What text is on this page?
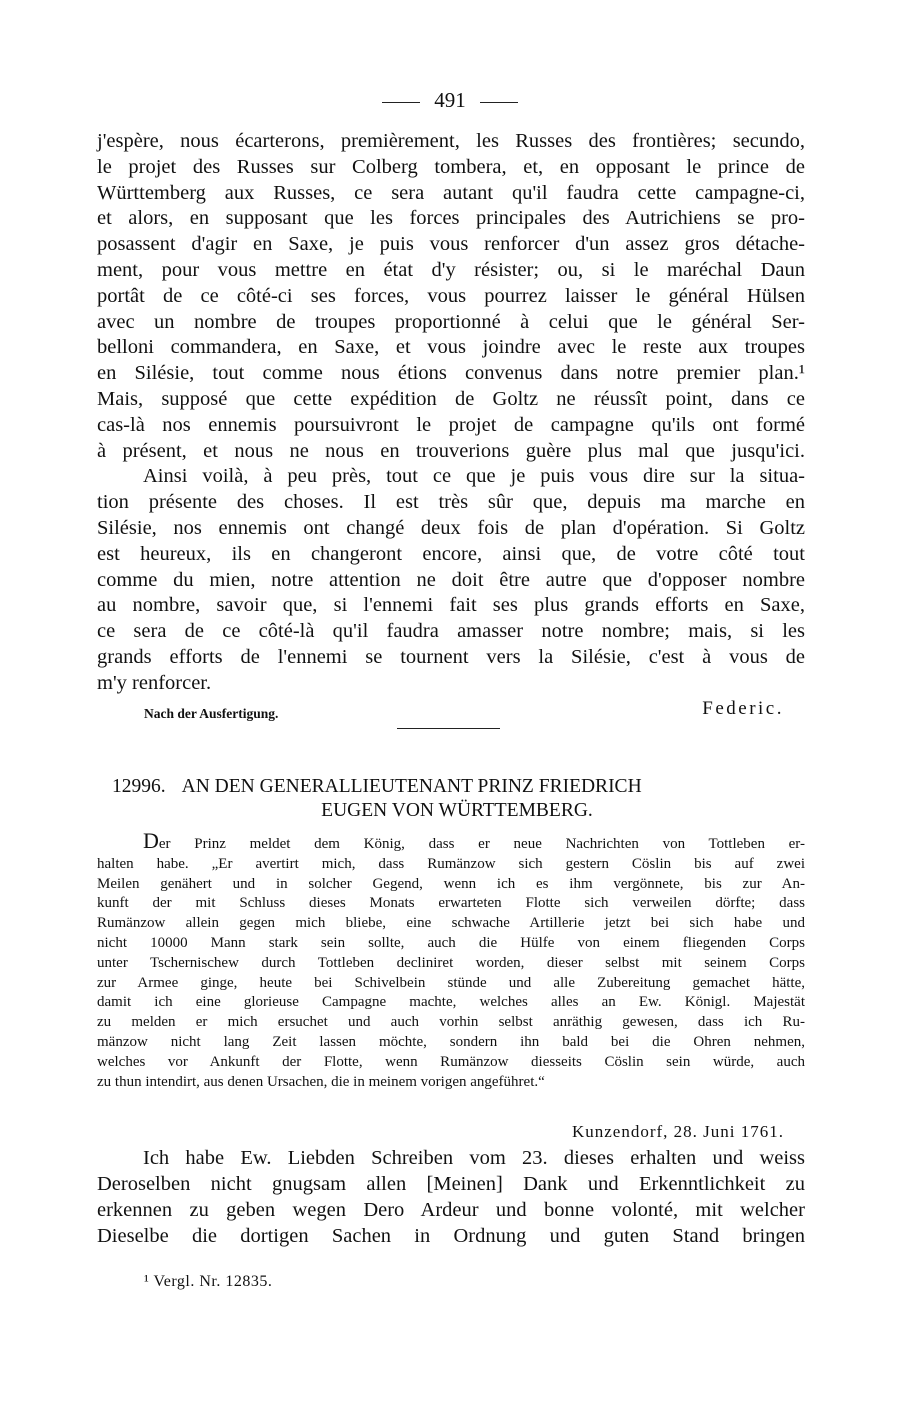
491
j'espère, nous écarterons, premièrement, les Russes des frontières; secundo,
le projet des Russes sur Colberg tombera, et, en opposant le prince de
Württemberg aux Russes, ce sera autant qu'il faudra cette campagne-ci,
et alors, en supposant que les forces principales des Autrichiens se pro-
posassent d'agir en Saxe, je puis vous renforcer d'un assez gros détache-
ment, pour vous mettre en état d'y résister; ou, si le maréchal Daun
portât de ce côté-ci ses forces, vous pourrez laisser le général Hülsen
avec un nombre de troupes proportionné à celui que le général Ser-
belloni commandera, en Saxe, et vous joindre avec le reste aux troupes
en Silésie, tout comme nous étions convenus dans notre premier plan.¹
Mais, supposé que cette expédition de Goltz ne réussît point, dans ce
cas-là nos ennemis poursuivront le projet de campagne qu'ils ont formé
à présent, et nous ne nous en trouverions guère plus mal que jusqu'ici.
Ainsi voilà, à peu près, tout ce que je puis vous dire sur la situa-
tion présente des choses. Il est très sûr que, depuis ma marche en
Silésie, nos ennemis ont changé deux fois de plan d'opération. Si Goltz
est heureux, ils en changeront encore, ainsi que, de votre côté tout
comme du mien, notre attention ne doit être autre que d'opposer nombre
au nombre, savoir que, si l'ennemi fait ses plus grands efforts en Saxe,
ce sera de ce côté-là qu'il faudra amasser notre nombre; mais, si les
grands efforts de l'ennemi se tournent vers la Silésie, c'est à vous de
m'y renforcer.
Nach der Ausfertigung.	Federic.
12996. AN DEN GENERALLIEUTENANT PRINZ FRIEDRICH
EUGEN VON WÜRTTEMBERG.
Der Prinz meldet dem König, dass er neue Nachrichten von Tottleben er-
halten habe. „Er avertirt mich, dass Rumänzow sich gestern Cöslin bis auf zwei
Meilen genähert und in solcher Gegend, wenn ich es ihm vergönnete, bis zur An-
kunft der mit Schluss dieses Monats erwarteten Flotte sich verweilen dörfte; dass
Rumänzow allein gegen mich bliebe, eine schwache Artillerie jetzt bei sich habe und
nicht 10000 Mann stark sein sollte, auch die Hülfe von einem fliegenden Corps
unter Tschernischew durch Tottleben decliniret worden, dieser selbst mit seinem Corps
zur Armee ginge, heute bei Schivelbein stünde und alle Zubereitung gemachet hätte,
damit ich eine glorieuse Campagne machte, welches alles an Ew. Königl. Majestät
zu melden er mich ersuchet und auch vorhin selbst anräthig gewesen, dass ich Ru-
mänzow nicht lang Zeit lassen möchte, sondern ihn bald bei die Ohren nehmen,
welches vor Ankunft der Flotte, wenn Rumänzow diesseits Cöslin sein würde, auch
zu thun intendirt, aus denen Ursachen, die in meinem vorigen angeführet.“
Kunzendorf, 28. Juni 1761.
Ich habe Ew. Liebden Schreiben vom 23. dieses erhalten und weiss
Deroselben nicht gnugsam allen [Meinen] Dank und Erkenntlichkeit zu
erkennen zu geben wegen Dero Ardeur und bonne volonté, mit welcher
Dieselbe die dortigen Sachen in Ordnung und guten Stand bringen
¹ Vergl. Nr. 12835.
